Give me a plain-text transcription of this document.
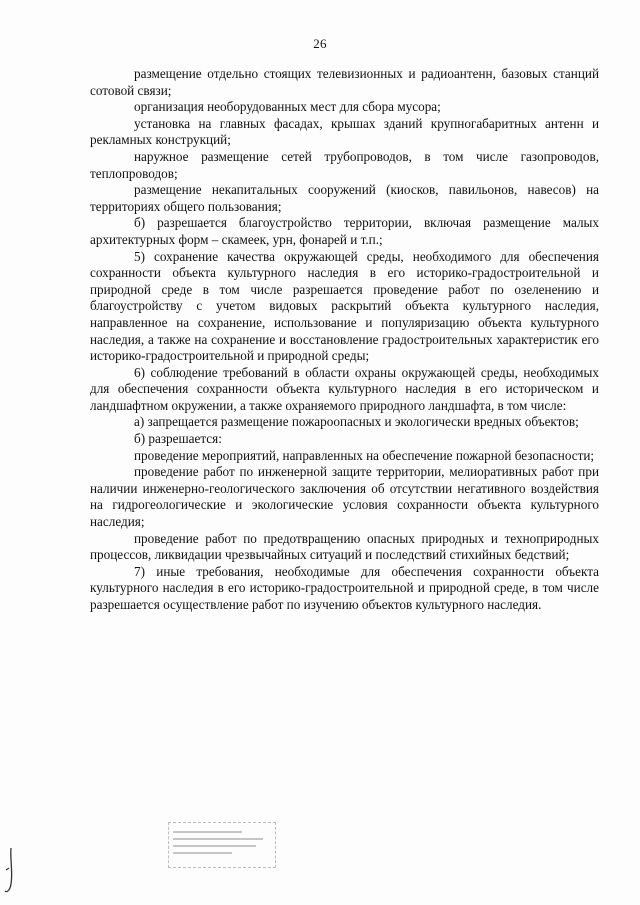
26

размещение отдельно стоящих телевизионных и радиоантенн, базовых станций сотовой связи;

организация необорудованных мест для сбора мусора;

установка на главных фасадах, крышах зданий крупногабаритных антенн и рекламных конструкций;

наружное размещение сетей трубопроводов, в том числе газопроводов, теплопроводов;

размещение некапитальных сооружений (киосков, павильонов, навесов) на территориях общего пользования;

б) разрешается благоустройство территории, включая размещение малых архитектурных форм – скамеек, урн, фонарей и т.п.;

5) сохранение качества окружающей среды, необходимого для обеспечения сохранности объекта культурного наследия в его историко-градостроительной и природной среде в том числе разрешается проведение работ по озеленению и благоустройству с учетом видовых раскрытий объекта культурного наследия, направленное на сохранение, использование и популяризацию объекта культурного наследия, а также на сохранение и восстановление градостроительных характеристик его историко-градостроительной и природной среды;

6) соблюдение требований в области охраны окружающей среды, необходимых для обеспечения сохранности объекта культурного наследия в его историческом и ландшафтном окружении, а также охраняемого природного ландшафта, в том числе:

а) запрещается размещение пожароопасных и экологически вредных объектов;

б) разрешается:

проведение мероприятий, направленных на обеспечение пожарной безопасности;

проведение работ по инженерной защите территории, мелиоративных работ при наличии инженерно-геологического заключения об отсутствии негативного воздействия на гидрогеологические и экологические условия сохранности объекта культурного наследия;

проведение работ по предотвращению опасных природных и технoприродных процессов, ликвидации чрезвычайных ситуаций и последствий стихийных бедствий;

7) иные требования, необходимые для обеспечения сохранности объекта культурного наследия в его историко-градостроительной и природной среде, в том числе разрешается осуществление работ по изучению объектов культурного наследия.
